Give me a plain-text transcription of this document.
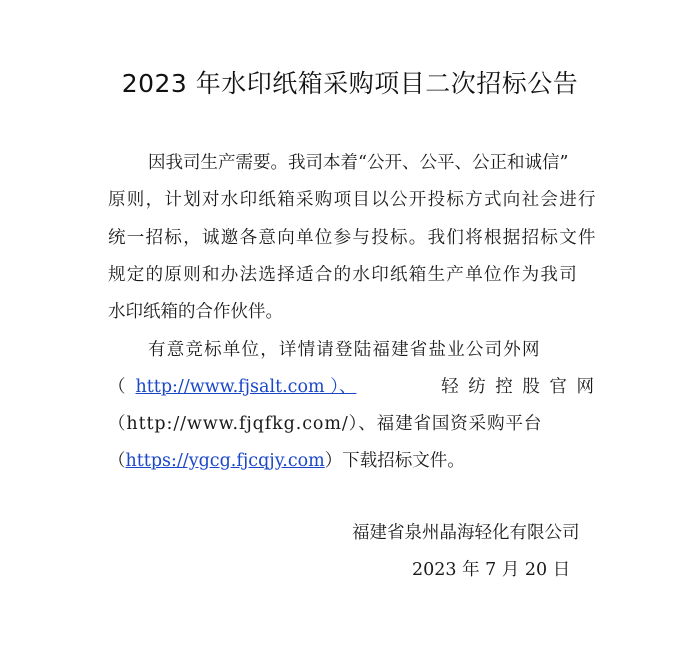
2023 年水印纸箱采购项目二次招标公告
因我司生产需要。我司本着“公开、公平、公正和诚信”
原则，计划对水印纸箱采购项目以公开投标方式向社会进行
统一招标，诚邀各意向单位参与投标。我们将根据招标文件
规定的原则和办法选择适合的水印纸箱生产单位作为我司
水印纸箱的合作伙伴。
有意竞标单位，详情请登陆福建省盐业公司外网
（ http://www.fjsalt.com ）、	轻 纺 控 股 官 网
（http://www.fjqfkg.com/）、福建省国资采购平台
（https://ygcg.fjcqjy.com）下载招标文件。
福建省泉州晶海轻化有限公司
2023 年 7 月 20 日
